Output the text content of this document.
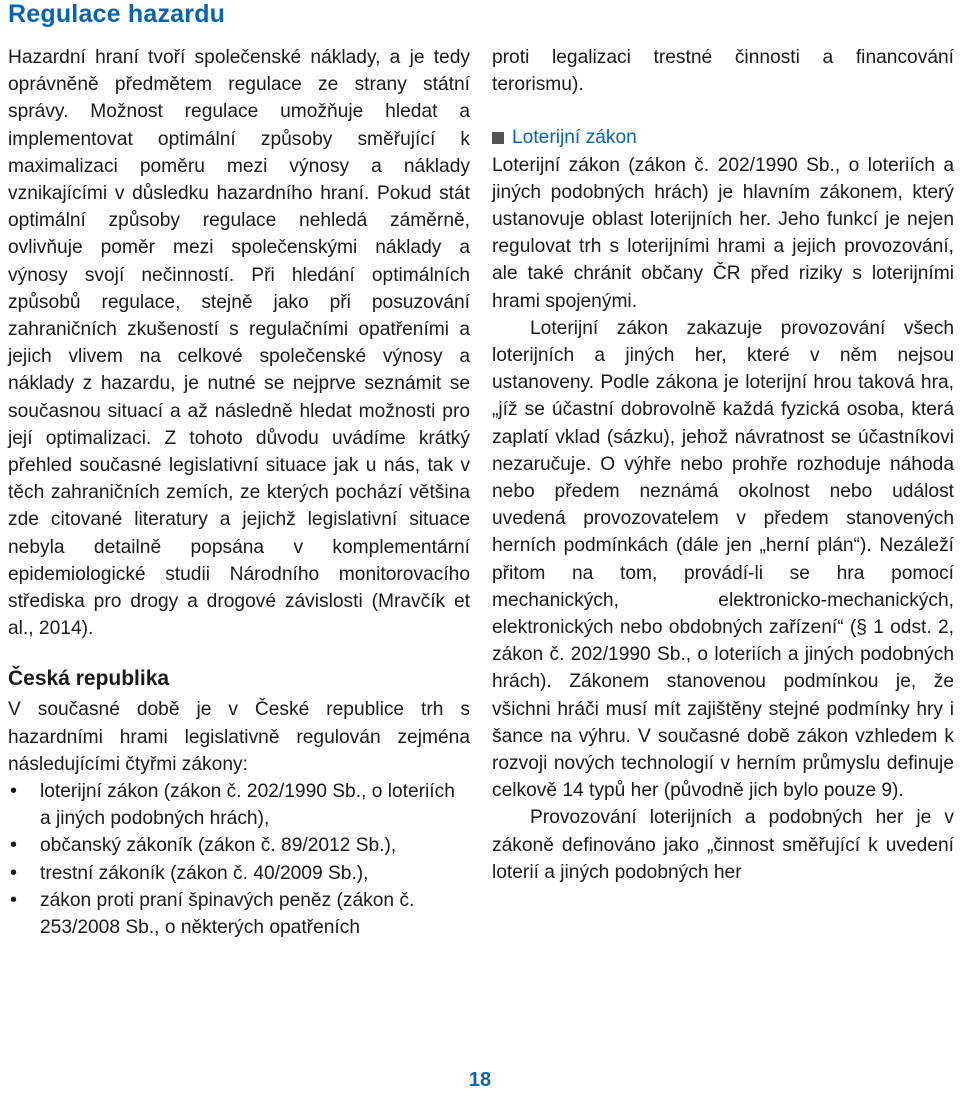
Regulace hazardu

Hazardní hraní tvoří společenské náklady, a je tedy oprávněně předmětem regulace ze strany státní správy. Možnost regulace umožňuje hledat a implementovat optimální způsoby směřující k maximalizaci poměru mezi výnosy a náklady vznikajícími v důsledku hazardního hraní. Pokud stát optimální způsoby regulace nehledá záměrně, ovlivňuje poměr mezi společenskými náklady a výnosy svojí nečinností. Při hledání optimálních způsobů regulace, stejně jako při posuzování zahraničních zkušeností s regulačními opatřeními a jejich vlivem na celkové společenské výnosy a náklady z hazardu, je nutné se nejprve seznámit se současnou situací a až následně hledat možnosti pro její optimalizaci. Z tohoto důvodu uvádíme krátký přehled současné legislativní situace jak u nás, tak v těch zahraničních zemích, ze kterých pochází většina zde citované literatury a jejichž legislativní situace nebyla detailně popsána v komplementární epidemiologické studii Národního monitorovacího střediska pro drogy a drogové závislosti (Mravčík et al., 2014).

Česká republika

V současné době je v České republice trh s hazardními hrami legislativně regulován zejména následujícími čtyřmi zákony:

• loterijní zákon (zákon č. 202/1990 Sb., o loteriích a jiných podobných hrách),
• občanský zákoník (zákon č. 89/2012 Sb.),
• trestní zákoník (zákon č. 40/2009 Sb.),
• zákon proti praní špinavých peněz (zákon č. 253/2008 Sb., o některých opatřeních

proti legalizaci trestné činnosti a financování terorismu).

Loterijní zákon

Loterijní zákon (zákon č. 202/1990 Sb., o loteriích a jiných podobných hrách) je hlavním zákonem, který ustanovuje oblast loterijních her. Jeho funkcí je nejen regulovat trh s loterijními hrami a jejich provozování, ale také chránit občany ČR před riziky s loterijními hrami spojenými.

Loterijní zákon zakazuje provozování všech loterijních a jiných her, které v něm nejsou ustanoveny. Podle zákona je loterijní hrou taková hra, „jíž se účastní dobrovolně každá fyzická osoba, která zaplatí vklad (sázku), jehož návratnost se účastníkovi nezaručuje. O výhře nebo prohře rozhoduje náhoda nebo předem neznámá okolnost nebo událost uvedená provozovatelem v předem stanovených herních podmínkách (dále jen „herní plán“). Nezáleží přitom na tom, provádí-li se hra pomocí mechanických, elektronicko-mechanických, elektronických nebo obdobných zařízení“ (§ 1 odst. 2, zákon č. 202/1990 Sb., o loteriích a jiných podobných hrách). Zákonem stanovenou podmínkou je, že všichni hráči musí mít zajištěny stejné podmínky hry i šance na výhru. V současné době zákon vzhledem k rozvoji nových technologií v herním průmyslu definuje celkově 14 typů her (původně jich bylo pouze 9).

Provozování loterijních a podobných her je v zákoně definováno jako „činnost směřující k uvedení loterií a jiných podobných her

18
